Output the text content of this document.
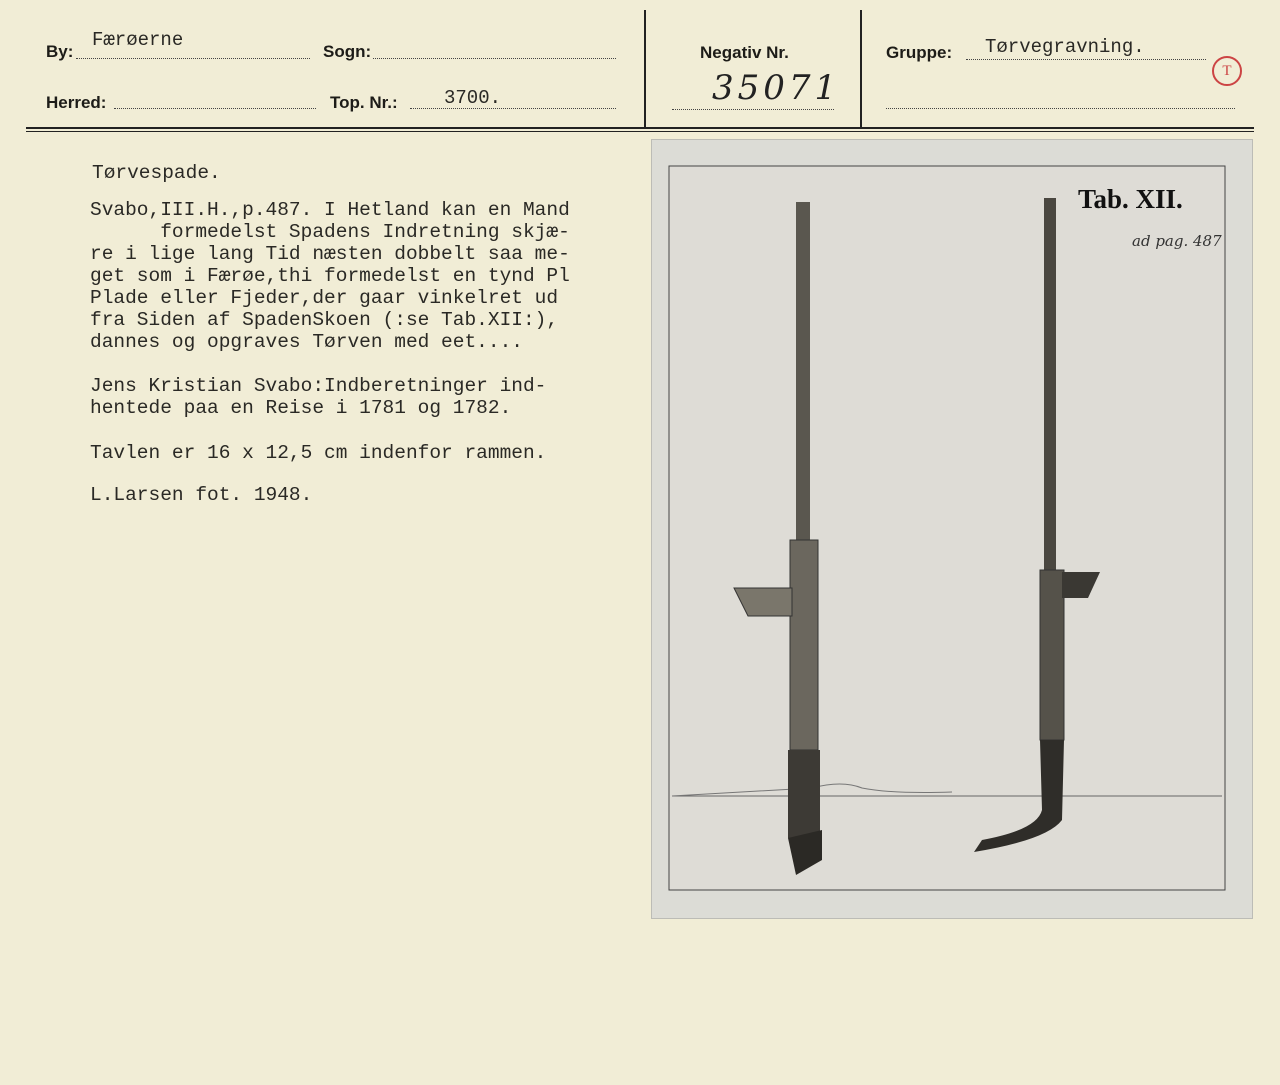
By:
Færøerne
Sogn:
Herred:	Top. Nr.: 3700.
Negativ Nr.
35071
Gruppe: Tørvegravning.
T
Tørvespade.
Svabo,III.H.,p.487. I Hetland kan en Mand
formedelst Spadens Indretning skjæ-
re i lige lang Tid næsten dobbelt saa me-
get som i Færøe,thi formedelst en tynd Pl
Plade eller Fjeder,der gaar vinkelret ud
fra Siden af SpadenSkoen (:se Tab.XII:),
dannes og opgraves Tørven med eet....
Jens Kristian Svabo:Indberetninger ind-
hentede paa en Reise i 1781 og 1782.
Tavlen er 16 x 12,5 cm indenfor rammen.
L.Larsen fot. 1948.
Tab. XII.
ad pag. 487
